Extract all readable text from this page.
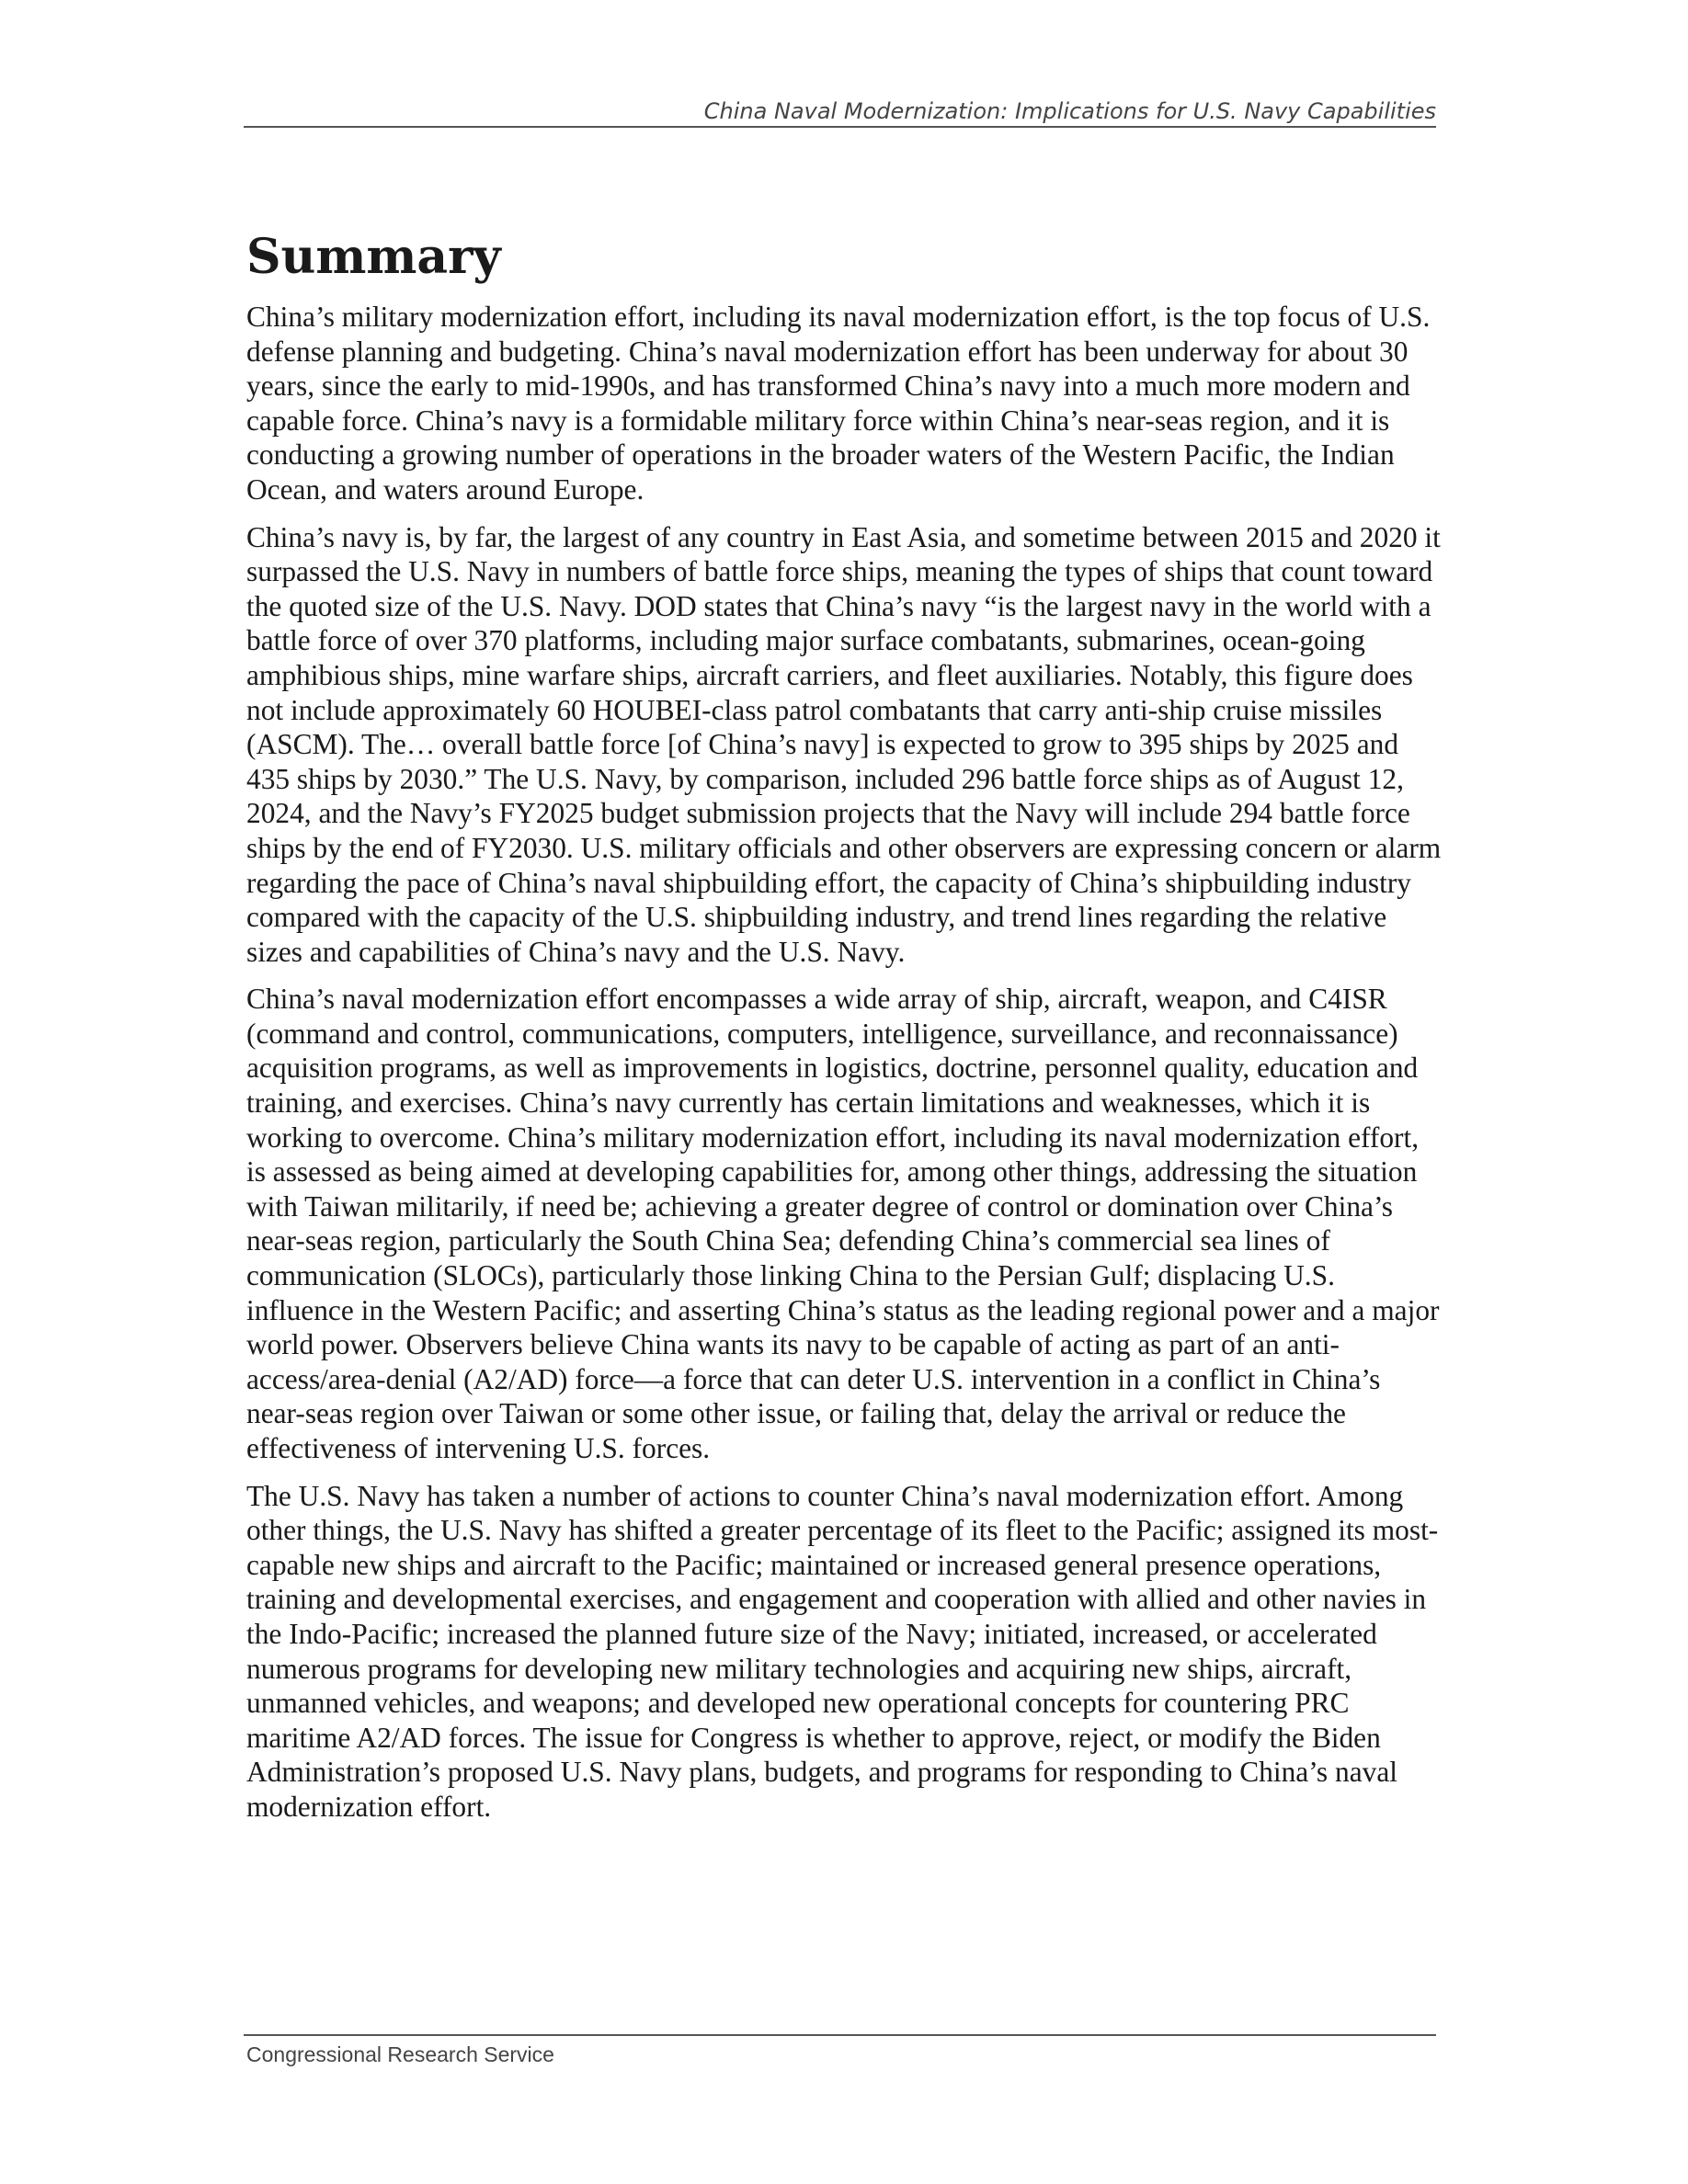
China Naval Modernization: Implications for U.S. Navy Capabilities
Summary

China’s military modernization effort, including its naval modernization effort, is the top focus of U.S. defense planning and budgeting. China’s naval modernization effort has been underway for about 30 years, since the early to mid-1990s, and has transformed China’s navy into a much more modern and capable force. China’s navy is a formidable military force within China’s near-seas region, and it is conducting a growing number of operations in the broader waters of the Western Pacific, the Indian Ocean, and waters around Europe.

China’s navy is, by far, the largest of any country in East Asia, and sometime between 2015 and 2020 it surpassed the U.S. Navy in numbers of battle force ships, meaning the types of ships that count toward the quoted size of the U.S. Navy. DOD states that China’s navy “is the largest navy in the world with a battle force of over 370 platforms, including major surface combatants, submarines, ocean-going amphibious ships, mine warfare ships, aircraft carriers, and fleet auxiliaries. Notably, this figure does not include approximately 60 HOUBEI-class patrol combatants that carry anti-ship cruise missiles (ASCM). The… overall battle force [of China’s navy] is expected to grow to 395 ships by 2025 and 435 ships by 2030.” The U.S. Navy, by comparison, included 296 battle force ships as of August 12, 2024, and the Navy’s FY2025 budget submission projects that the Navy will include 294 battle force ships by the end of FY2030. U.S. military officials and other observers are expressing concern or alarm regarding the pace of China’s naval shipbuilding effort, the capacity of China’s shipbuilding industry compared with the capacity of the U.S. shipbuilding industry, and trend lines regarding the relative sizes and capabilities of China’s navy and the U.S. Navy.

China’s naval modernization effort encompasses a wide array of ship, aircraft, weapon, and C4ISR (command and control, communications, computers, intelligence, surveillance, and reconnaissance) acquisition programs, as well as improvements in logistics, doctrine, personnel quality, education and training, and exercises. China’s navy currently has certain limitations and weaknesses, which it is working to overcome. China’s military modernization effort, including its naval modernization effort, is assessed as being aimed at developing capabilities for, among other things, addressing the situation with Taiwan militarily, if need be; achieving a greater degree of control or domination over China’s near-seas region, particularly the South China Sea; defending China’s commercial sea lines of communication (SLOCs), particularly those linking China to the Persian Gulf; displacing U.S. influence in the Western Pacific; and asserting China’s status as the leading regional power and a major world power. Observers believe China wants its navy to be capable of acting as part of an anti-access/area-denial (A2/AD) force—a force that can deter U.S. intervention in a conflict in China’s near-seas region over Taiwan or some other issue, or failing that, delay the arrival or reduce the effectiveness of intervening U.S. forces.

The U.S. Navy has taken a number of actions to counter China’s naval modernization effort. Among other things, the U.S. Navy has shifted a greater percentage of its fleet to the Pacific; assigned its most-capable new ships and aircraft to the Pacific; maintained or increased general presence operations, training and developmental exercises, and engagement and cooperation with allied and other navies in the Indo-Pacific; increased the planned future size of the Navy; initiated, increased, or accelerated numerous programs for developing new military technologies and acquiring new ships, aircraft, unmanned vehicles, and weapons; and developed new operational concepts for countering PRC maritime A2/AD forces. The issue for Congress is whether to approve, reject, or modify the Biden Administration’s proposed U.S. Navy plans, budgets, and programs for responding to China’s naval modernization effort.

Congressional Research Service
